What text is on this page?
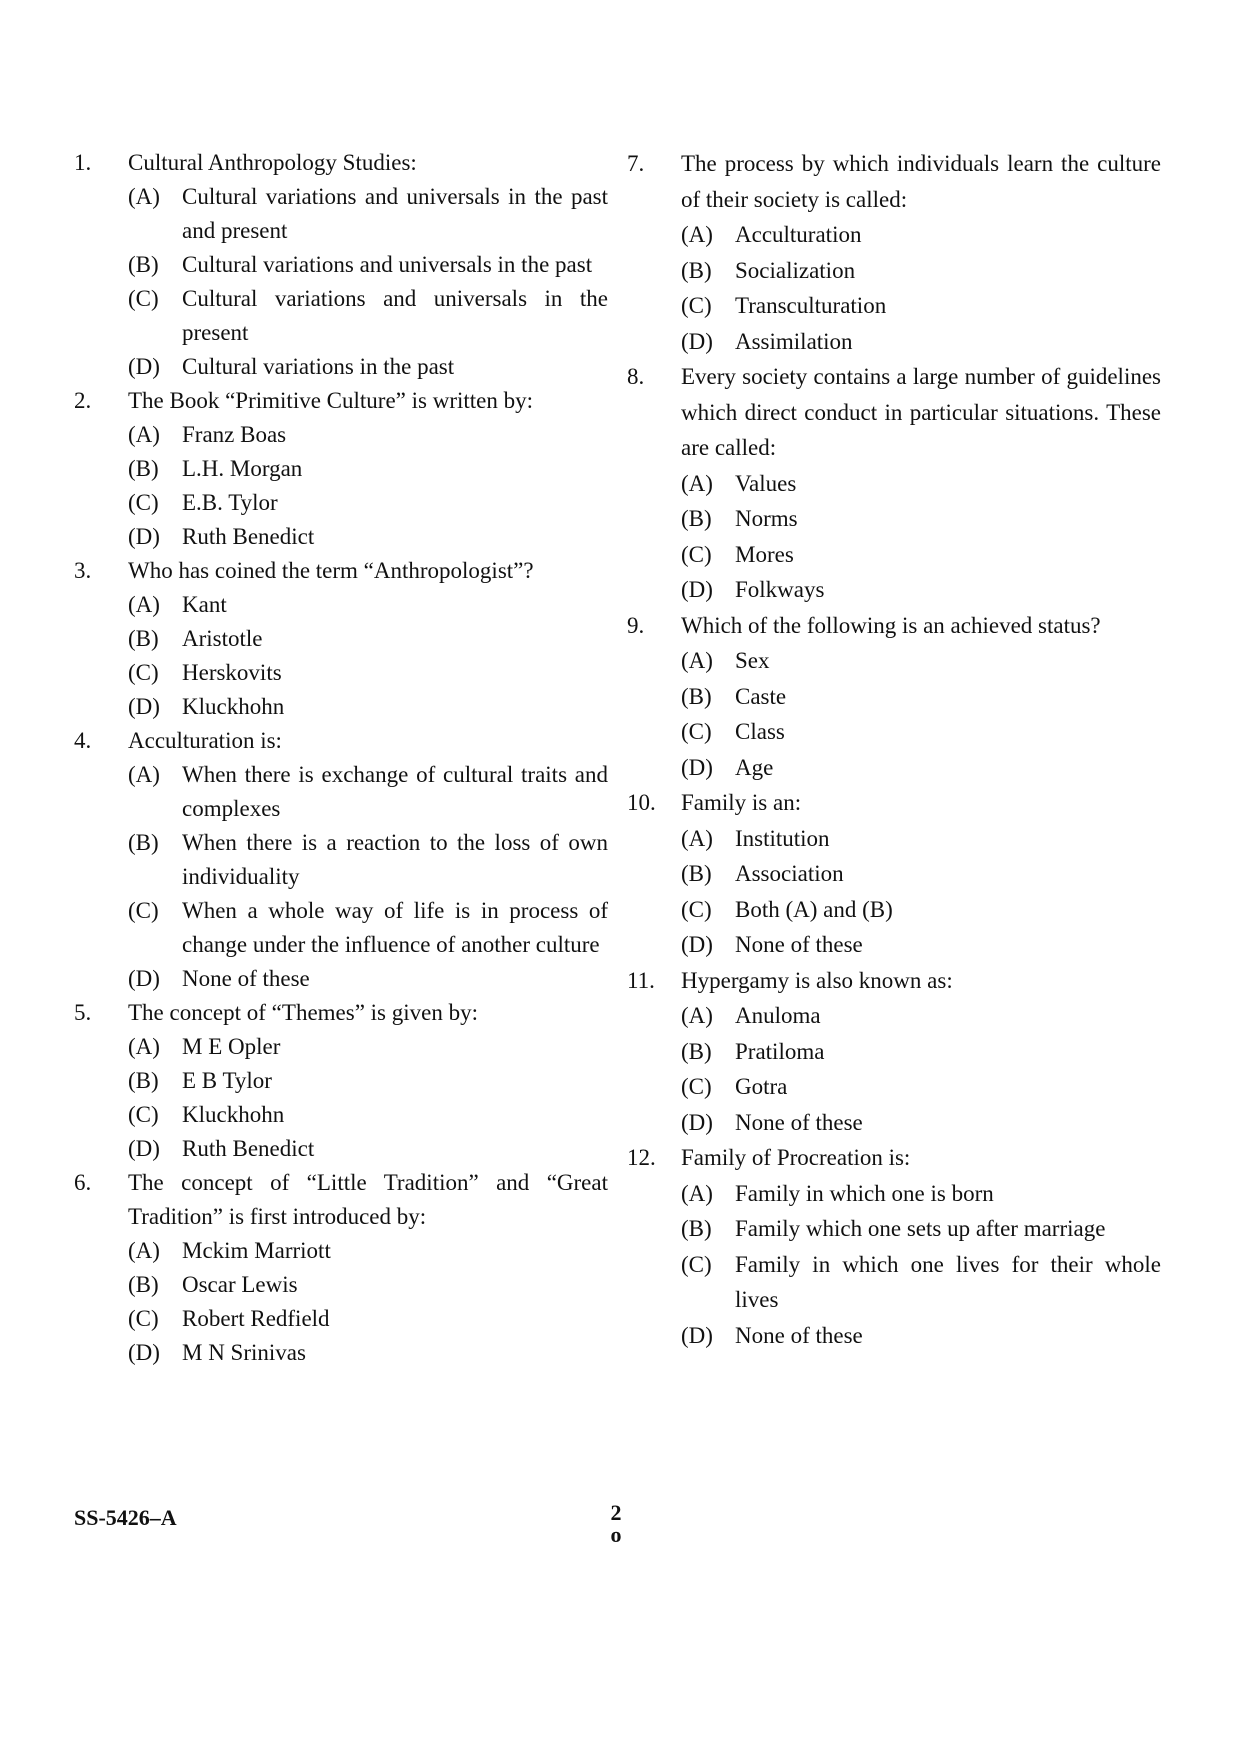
1. Cultural Anthropology Studies:
(A) Cultural variations and universals in the past and present
(B) Cultural variations and universals in the past
(C) Cultural variations and universals in the present
(D) Cultural variations in the past
2. The Book “Primitive Culture” is written by:
(A) Franz Boas
(B) L.H. Morgan
(C) E.B. Tylor
(D) Ruth Benedict
3. Who has coined the term “Anthropologist”?
(A) Kant
(B) Aristotle
(C) Herskovits
(D) Kluckhohn
4. Acculturation is:
(A) When there is exchange of cultural traits and complexes
(B) When there is a reaction to the loss of own individuality
(C) When a whole way of life is in process of change under the influence of another culture
(D) None of these
5. The concept of “Themes” is given by:
(A) M E Opler
(B) E B Tylor
(C) Kluckhohn
(D) Ruth Benedict
6. The concept of “Little Tradition” and “Great Tradition” is first introduced by:
(A) Mckim Marriott
(B) Oscar Lewis
(C) Robert Redfield
(D) M N Srinivas
7. The process by which individuals learn the culture of their society is called:
(A) Acculturation
(B) Socialization
(C) Transculturation
(D) Assimilation
8. Every society contains a large number of guidelines which direct conduct in particular situations. These are called:
(A) Values
(B) Norms
(C) Mores
(D) Folkways
9. Which of the following is an achieved status?
(A) Sex
(B) Caste
(C) Class
(D) Age
10. Family is an:
(A) Institution
(B) Association
(C) Both (A) and (B)
(D) None of these
11. Hypergamy is also known as:
(A) Anuloma
(B) Pratiloma
(C) Gotra
(D) None of these
12. Family of Procreation is:
(A) Family in which one is born
(B) Family which one sets up after marriage
(C) Family in which one lives for their whole lives
(D) None of these
SS-5426–A	2
ο
